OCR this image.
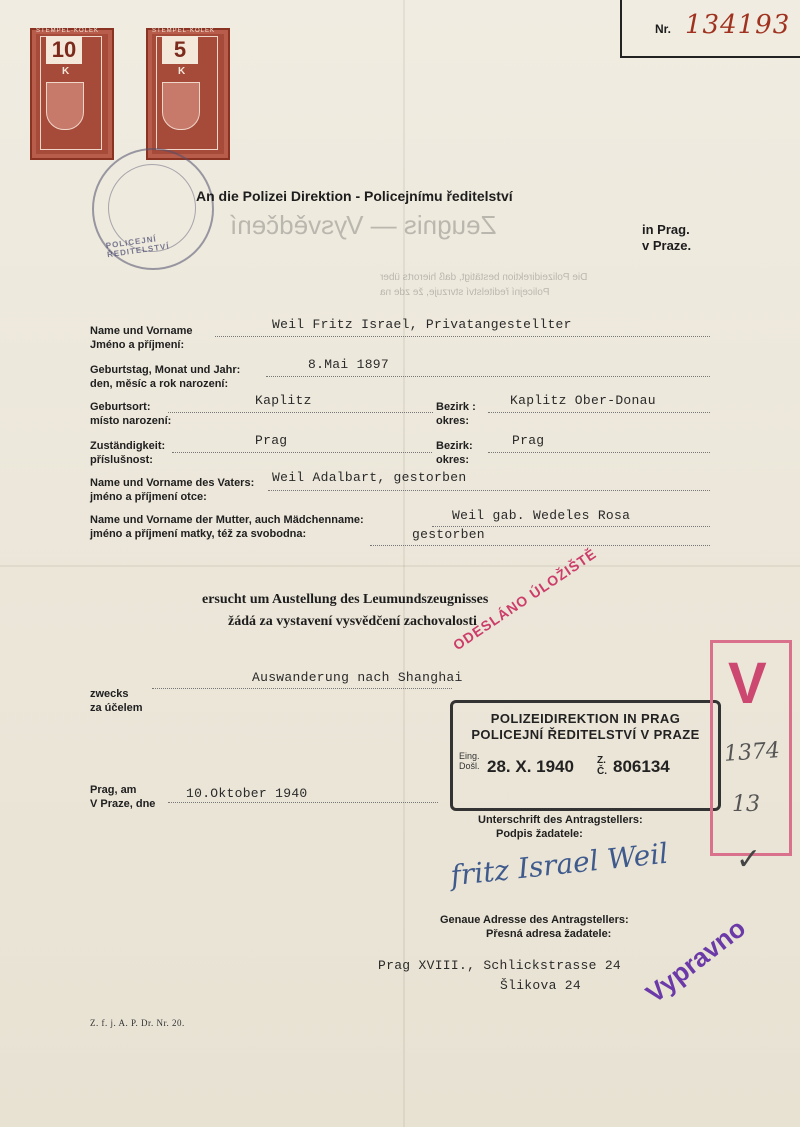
Nr. 134193
STEMPEL·KOLEK
10
K
STEMPEL·KOLEK
5
K
POLICEJNÍ ŘEDITELSTVÍ
An die Polizei Direktion - Policejnímu ředitelství
in Prag.
v Praze.
Zeugnis — Vysvědčení
Die Polizeidirektion bestätigt, daß hierorts über
Policejní ředitelství stvrzuje, že zde na
Name und Vorname
Jméno a příjmení:
Weil Fritz Israel, Privatangestellter
Geburtstag, Monat und Jahr:
den, měsíc a rok narození:
8.Mai 1897
Geburtsort:
místo narození:
Kaplitz	Bezirk :
okres:
Kaplitz Ober-Donau
Zuständigkeit:
příslušnost:
Prag	Bezirk:
okres:
Prag
Name und Vorname des Vaters:
jméno a příjmení otce:
Weil Adalbart, gestorben
Name und Vorname der Mutter, auch Mädchenname:
jméno a příjmení matky, též za svobodna:
Weil gab. Wedeles Rosa
gestorben
ersucht um Austellung des Leumundszeugnisses
žádá za vystavení vysvědčení zachovalosti
zwecks
za účelem
Auswanderung nach Shanghai
Prag, am
V Praze, dne
10.Oktober 1940
Unterschrift des Antragstellers:
Podpis žadatele:
fritz Israel Weil
Genaue Adresse des Antragstellers:
Přesná adresa žadatele:
Prag XVIII., Schlickstrasse 24
Šlikova 24
POLIZEIDIREKTION IN PRAG
POLICEJNÍ ŘEDITELSTVÍ V PRAZE
Eing.
Došl. 28. X. 1940 Z.
Č. 806134
V
1374
13
✓
ODESLÁNO ÚLOŽIŠTĚ
Vypravno
Z. f. j. A. P. Dr. Nr. 20.
